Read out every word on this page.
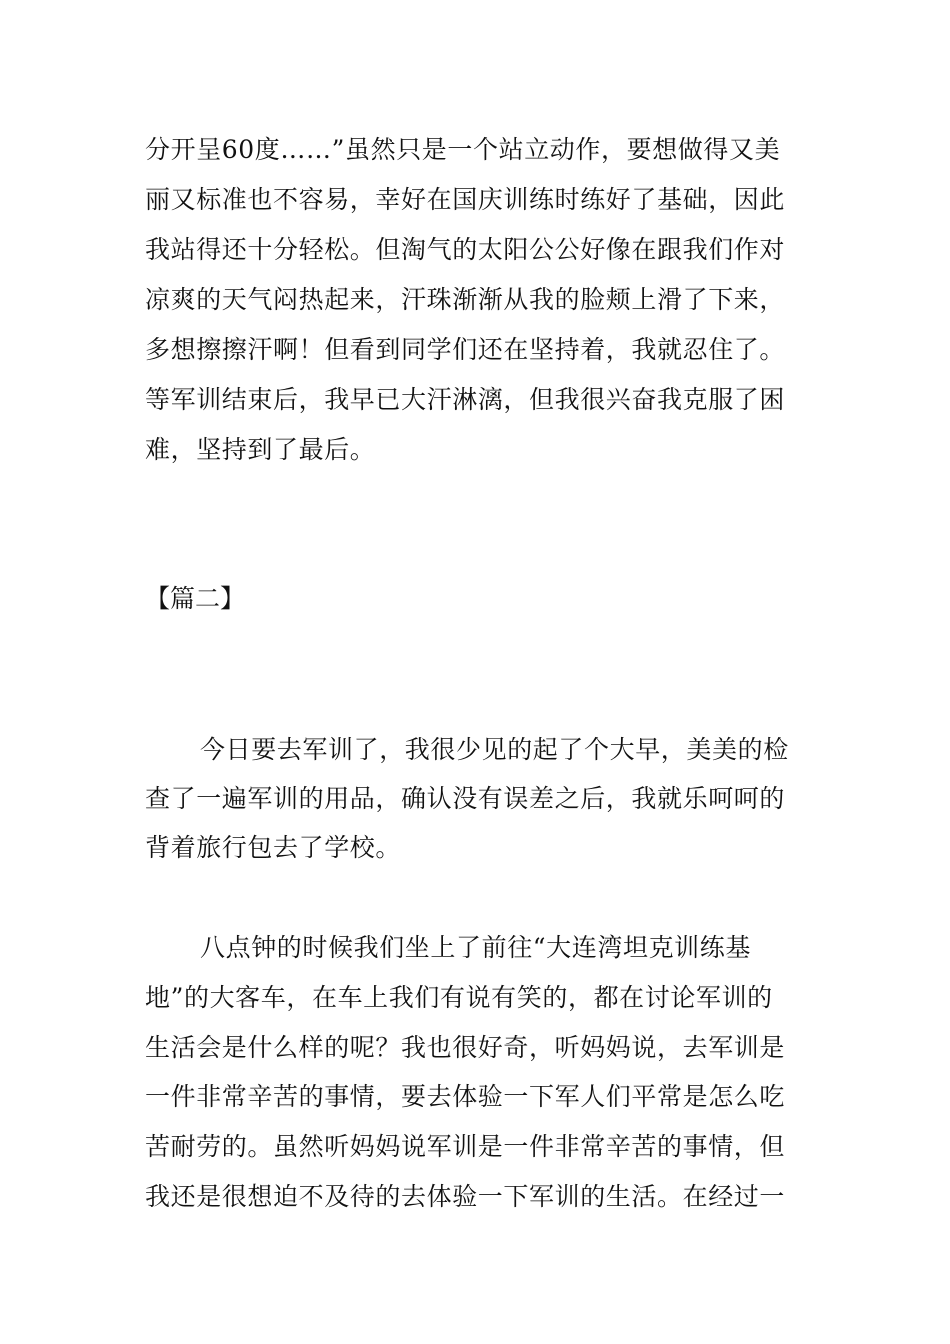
分开呈60度……”虽然只是一个站立动作，要想做得又美
丽又标准也不容易，幸好在国庆训练时练好了基础，因此
我站得还十分轻松。但淘气的太阳公公好像在跟我们作对
凉爽的天气闷热起来，汗珠渐渐从我的脸颊上滑了下来，
多想擦擦汗啊！但看到同学们还在坚持着，我就忍住了。
等军训结束后，我早已大汗淋漓，但我很兴奋我克服了困
难，坚持到了最后。
【篇二】
今日要去军训了，我很少见的起了个大早，美美的检
查了一遍军训的用品，确认没有误差之后，我就乐呵呵的
背着旅行包去了学校。
八点钟的时候我们坐上了前往“大连湾坦克训练基
地”的大客车，在车上我们有说有笑的，都在讨论军训的
生活会是什么样的呢？我也很好奇，听妈妈说，去军训是
一件非常辛苦的事情，要去体验一下军人们平常是怎么吃
苦耐劳的。虽然听妈妈说军训是一件非常辛苦的事情，但
我还是很想迫不及待的去体验一下军训的生活。在经过一
